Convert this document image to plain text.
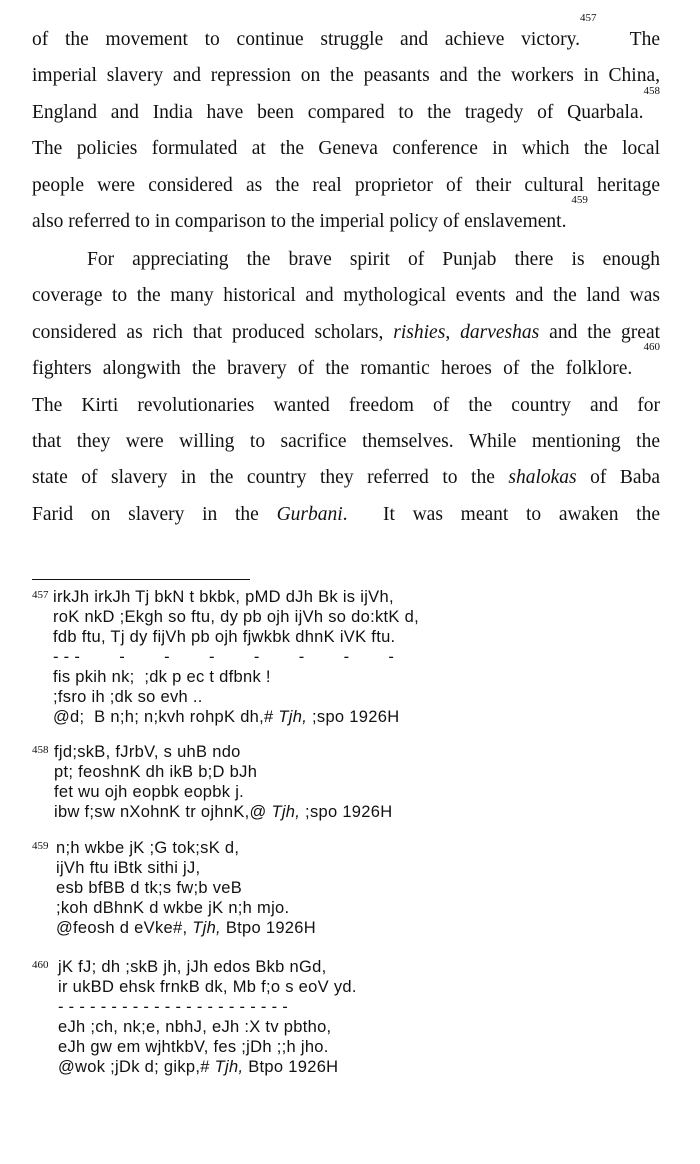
of the movement to continue struggle and achieve victory.$^{457}$  The
imperial slavery and repression on the peasants and the workers in China,
England and India have been compared to the tragedy of Quarbala.$^{458}$
The policies formulated at the Geneva conference in which the local
people were considered as the real proprietor of their cultural heritage
also referred to in comparison to the imperial policy of enslavement. $^{459}$
For appreciating the brave spirit of Punjab there is enough
coverage to the many historical and mythological events and the land was
considered as rich that produced scholars, rishies, darveshas and the great
fighters alongwith the bravery of the romantic heroes of the folklore. $^{460}$
The Kirti revolutionaries wanted freedom of the country and for
that they were willing to sacrifice themselves. While mentioning the
state of slavery in the country they referred to the shalokas of Baba
Farid on slavery in the Gurbani.  It was meant to awaken the
457 irkJh irkJh Tj bkN t bkbk, pMD dJh Bk is ijVh,
roK nkD ;Ekgh so ftu, dy pb ojh ijVh so do:ktK d,
fdb ftu, Tj dy fijVh pb ojh fjwkbk dhnK iVK ftu.
- - -        -        -        -        -        -        -        -
fis pkih nk;  ;dk p ec t dfbnk !
;fsro ih ;dk so evh ..
@d;  B n;h; n;kvh rohpK dh,# Tjh, ;spo 1926H
458 fjd;skB, fJrbV, s uhB ndo
pt; feoshnK dh ikB b;D bJh
fet wu ojh eopbk eopbk j.
ibw f;sw nXohnK tr ojhnK,@ Tjh, ;spo 1926H
459 n;h wkbe jK ;G tok;sK d,
ijVh ftu iBtk sithi jJ,
esb bfBB d tk;s fw;b veB
;koh dBhnK d wkbe jK n;h mjo.
@feosh d eVke#, Tjh, Btpo 1926H
460 jK fJ; dh ;skB jh, jJh edos Bkb nGd,
ir ukBD ehsk frnkB dk, Mb f;o s eoV yd.
- - - - - - - - - - - - - - - - - - - - - -
eJh ;ch, nk;e, nbhJ, eJh :X tv pbtho,
eJh gw em wjhtkbV, fes ;jDh ;;h jho.
@wok ;jDk d; gikp,# Tjh, Btpo 1926H
